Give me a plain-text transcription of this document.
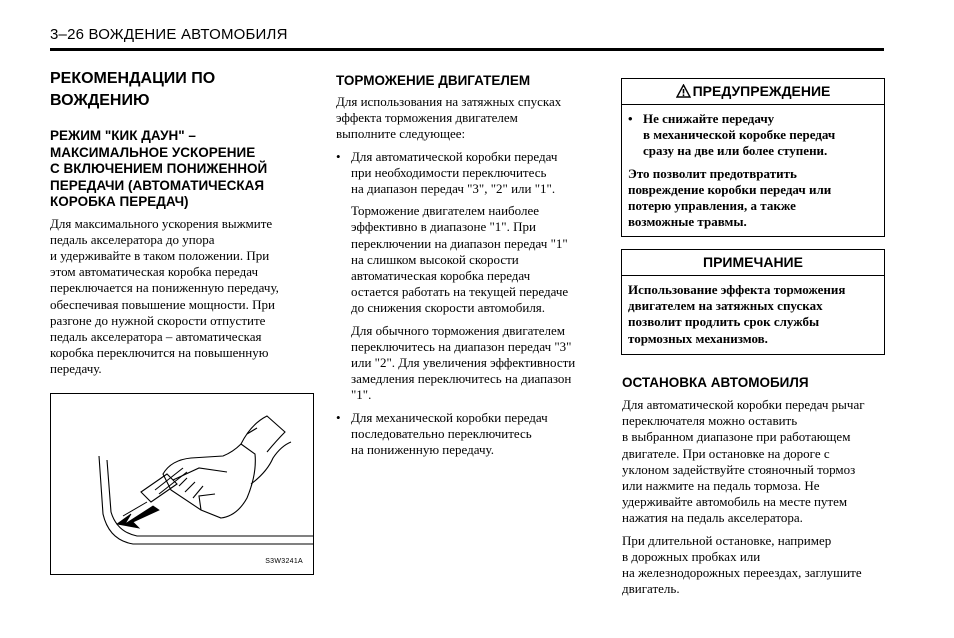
3–26 ВОЖДЕНИЕ АВТОМОБИЛЯ
РЕКОМЕНДАЦИИ ПО
ВОЖДЕНИЮ
РЕЖИМ "КИК ДАУН" –
МАКСИМАЛЬНОЕ УСКОРЕНИЕ
С ВКЛЮЧЕНИЕМ ПОНИЖЕННОЙ
ПЕРЕДАЧИ (АВТОМАТИЧЕСКАЯ
КОРОБКА ПЕРЕДАЧ)
Для максимального ускорения выжмите
педаль акселератора до упора
и удерживайте в таком положении. При
этом автоматическая коробка передач
переключается на пониженную передачу,
обеспечивая повышение мощности. При
разгоне до нужной скорости отпустите
педаль акселератора – автоматическая
коробка переключится на повышенную
передачу.
S3W3241A
ТОРМОЖЕНИЕ ДВИГАТЕЛЕМ
Для использования на затяжных спусках
эффекта торможения двигателем
выполните следующее:
• Для автоматической коробки передач
при необходимости переключитесь
на диапазон передач "3", "2" или "1".
Торможение двигателем наиболее
эффективно в диапазоне "1". При
переключении на диапазон передач "1"
на слишком высокой скорости
автоматическая коробка передач
остается работать на текущей передаче
до снижения скорости автомобиля.
Для обычного торможения двигателем
переключитесь на диапазон передач "3"
или "2". Для увеличения эффективности
замедления переключитесь на диапазон
"1".
• Для механической коробки передач
последовательно переключитесь
на пониженную передачу.
ПРЕДУПРЕЖДЕНИЕ
• Не снижайте передачу
в механической коробке передач
сразу на две или более ступени.
Это позволит предотвратить
повреждение коробки передач или
потерю управления, а также
возможные травмы.
ПРИМЕЧАНИЕ
Использование эффекта торможения
двигателем на затяжных спусках
позволит продлить срок службы
тормозных механизмов.
ОСТАНОВКА АВТОМОБИЛЯ
Для автоматической коробки передач рычаг
переключателя можно оставить
в выбранном диапазоне при работающем
двигателе. При остановке на дороге с
уклоном задействуйте стояночный тормоз
или нажмите на педаль тормоза. Не
удерживайте автомобиль на месте путем
нажатия на педаль акселератора.
При длительной остановке, например
в дорожных пробках или
на железнодорожных переездах, заглушите
двигатель.
